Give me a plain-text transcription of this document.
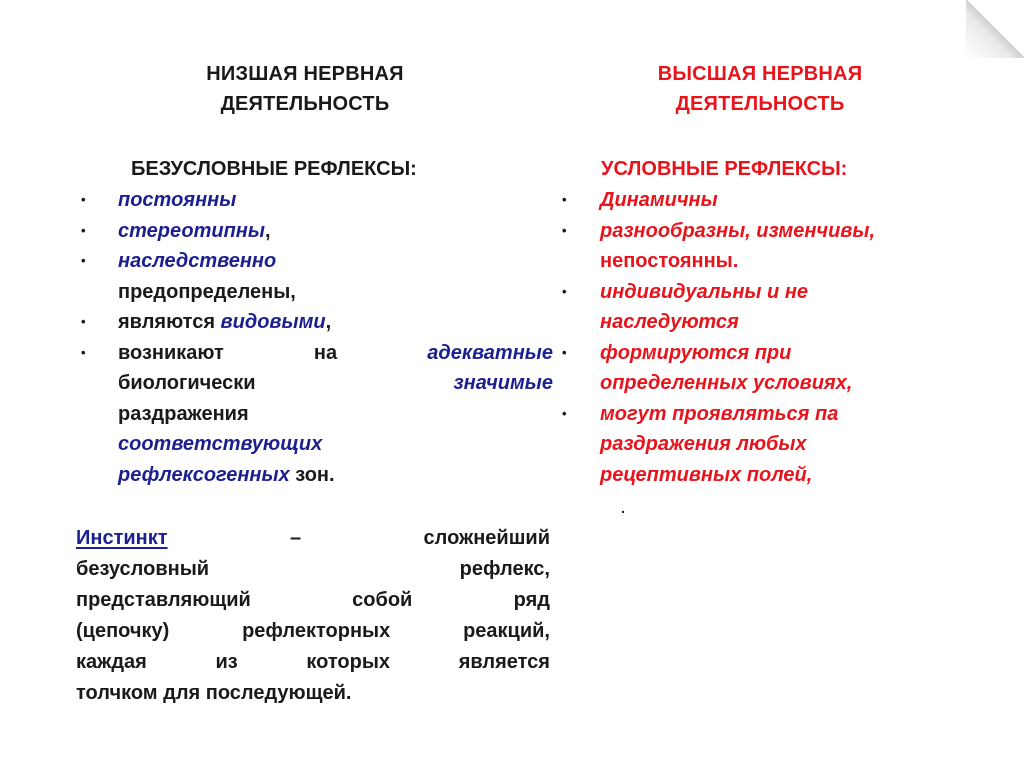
НИЗШАЯ НЕРВНАЯ
ДЕЯТЕЛЬНОСТЬ
ВЫСШАЯ НЕРВНАЯ
ДЕЯТЕЛЬНОСТЬ
БЕЗУСЛОВНЫЕ РЕФЛЕКСЫ:	УСЛОВНЫЕ РЕФЛЕКСЫ:
• постоянны
• стереотипны,
• наследственно
предопределены,
• являются видовыми,
• возникают	на	адекватные
биологически	значимые
раздражения
соответствующих
рефлексогенных зон.
• Динамичны
• разнообразны, изменчивы,
непостоянны.
• индивидуальны и не
наследуются
• формируются при
определенных условиях,
• могут проявляться па
раздражения любых
рецептивных полей,
.
Инстинкт	–	сложнейший
безусловный	рефлекс,
представляющий	собой	ряд
(цепочку)	рефлекторных	реакций,
каждая	из	которых	является
толчком для последующей.
